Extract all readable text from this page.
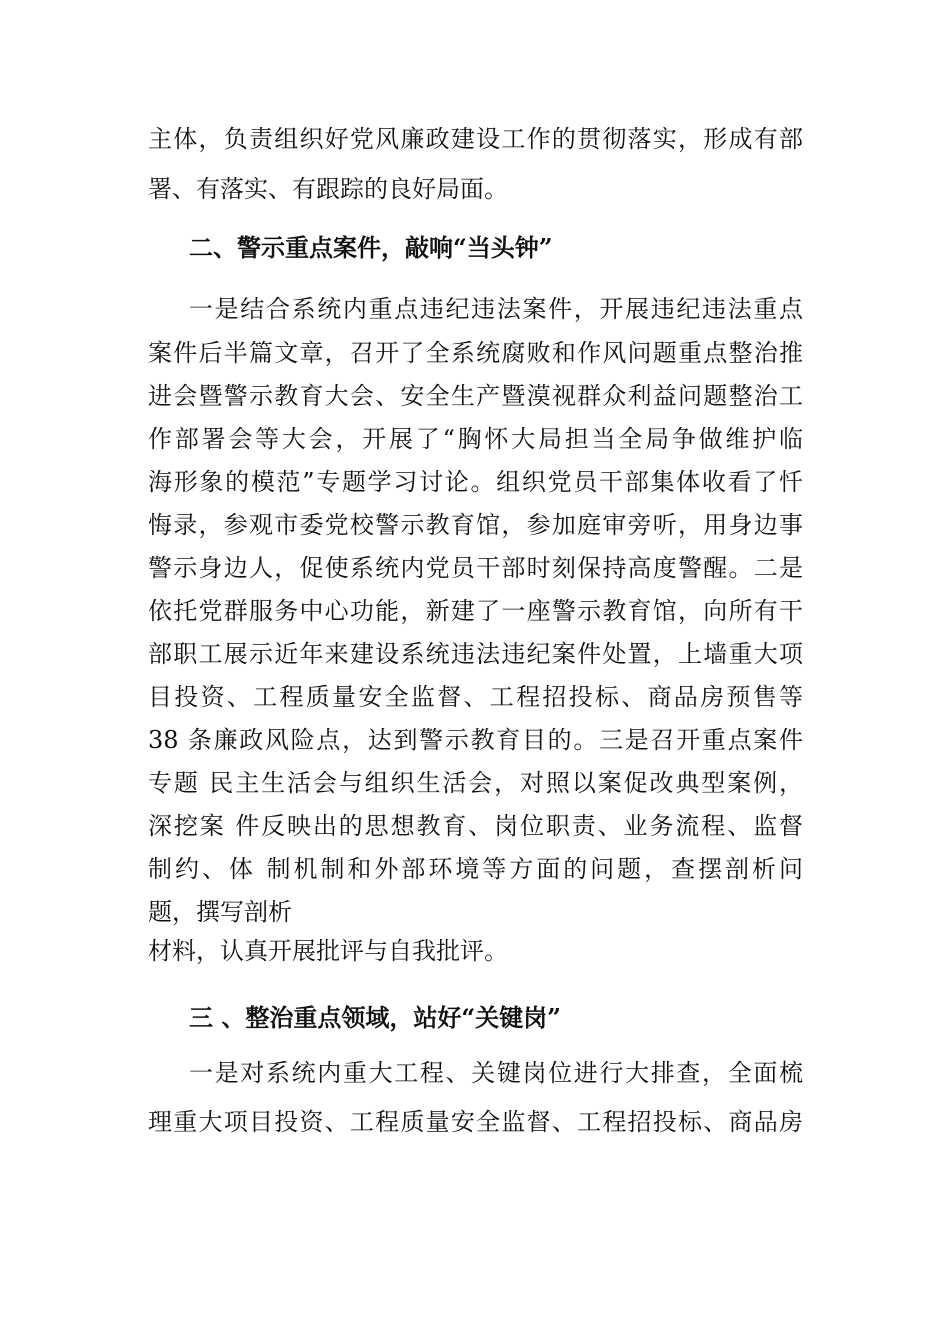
主体，负责组织好党风廉政建设工作的贯彻落实，形成有部
署、有落实、有跟踪的良好局面。
二、警示重点案件，敲响“当头钟”
一是结合系统内重点违纪违法案件，开展违纪违法重点
案件后半篇文章，召开了全系统腐败和作风问题重点整治推
进会暨警示教育大会、安全生产暨漠视群众利益问题整治工
作部署会等大会，开展了“胸怀大局担当全局争做维护临
海形象的模范”专题学习讨论。组织党员干部集体收看了忏
悔录，参观市委党校警示教育馆，参加庭审旁听，用身边事
警示身边人，促使系统内党员干部时刻保持高度警醒。二是
依托党群服务中心功能，新建了一座警示教育馆，向所有干
部职工展示近年来建设系统违法违纪案件处置，上墙重大项
目投资、工程质量安全监督、工程招投标、商品房预售等
38 条廉政风险点，达到警示教育目的。三是召开重点案件
专题 民主生活会与组织生活会，对照以案促改典型案例，
深挖案 件反映出的思想教育、岗位职责、业务流程、监督
制约、体 制机制和外部环境等方面的问题，查摆剖析问
题，撰写剖析
材料，认真开展批评与自我批评。
三 、整治重点领域，站好“关键岗”
一是对系统内重大工程、关键岗位进行大排查，全面梳
理重大项目投资、工程质量安全监督、工程招投标、商品房
